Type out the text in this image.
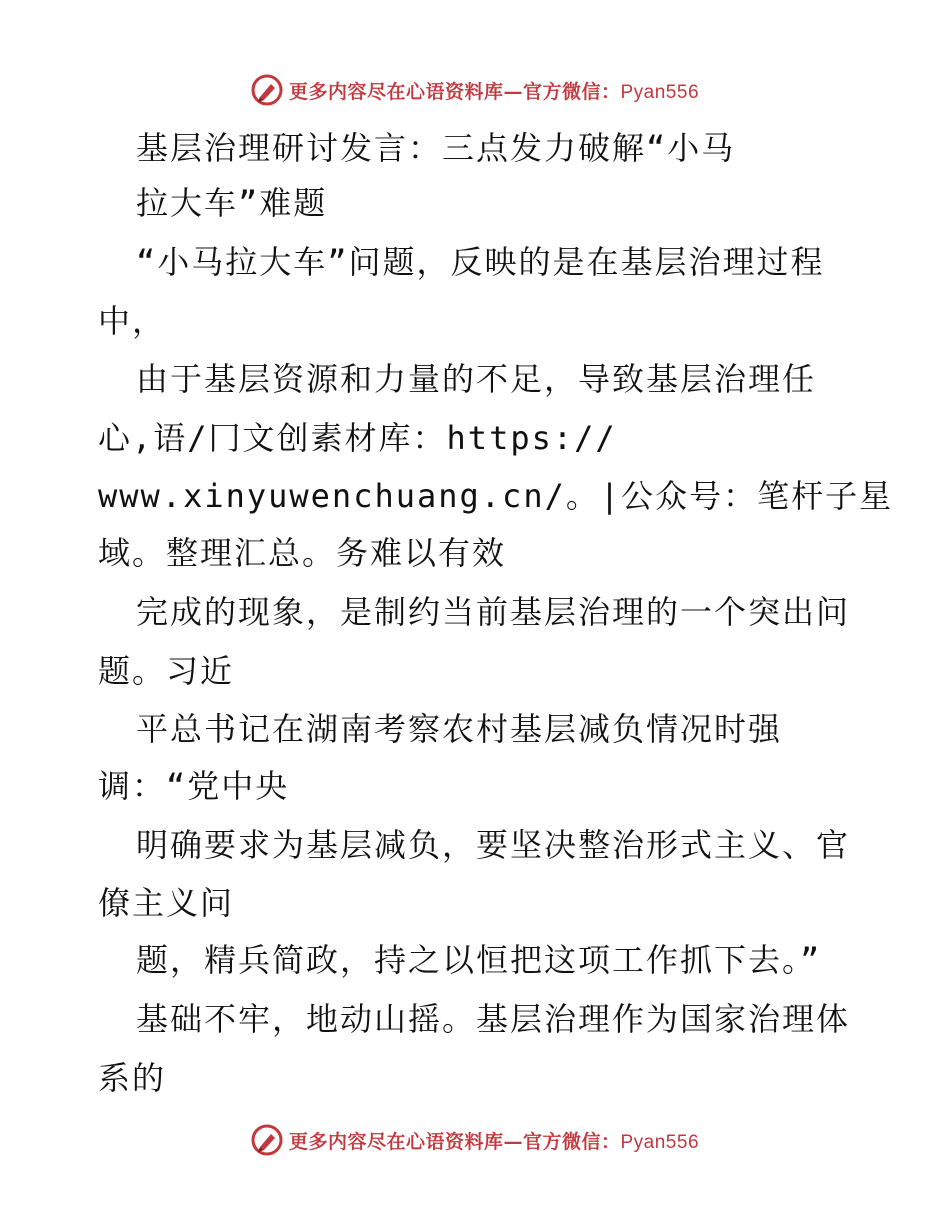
更多内容尽在心语资料库—官方微信：Pyan556
基层治理研讨发言：三点发力破解“小马
拉大车”难题
“小马拉大车”问题，反映的是在基层治理过程
中，
由于基层资源和力量的不足，导致基层治理任
心,语/冂文创素材库：https://
www.xinyuwenchuang.cn/。|公众号：笔杆子星
域。整理汇总。务难以有效
完成的现象，是制约当前基层治理的一个突出问
题。习近
平总书记在湖南考察农村基层减负情况时强
调：“党中央
明确要求为基层减负，要坚决整治形式主义、官
僚主义问
题，精兵简政，持之以恒把这项工作抓下去。”
基础不牢，地动山摇。基层治理作为国家治理体
系的
更多内容尽在心语资料库—官方微信：Pyan556
